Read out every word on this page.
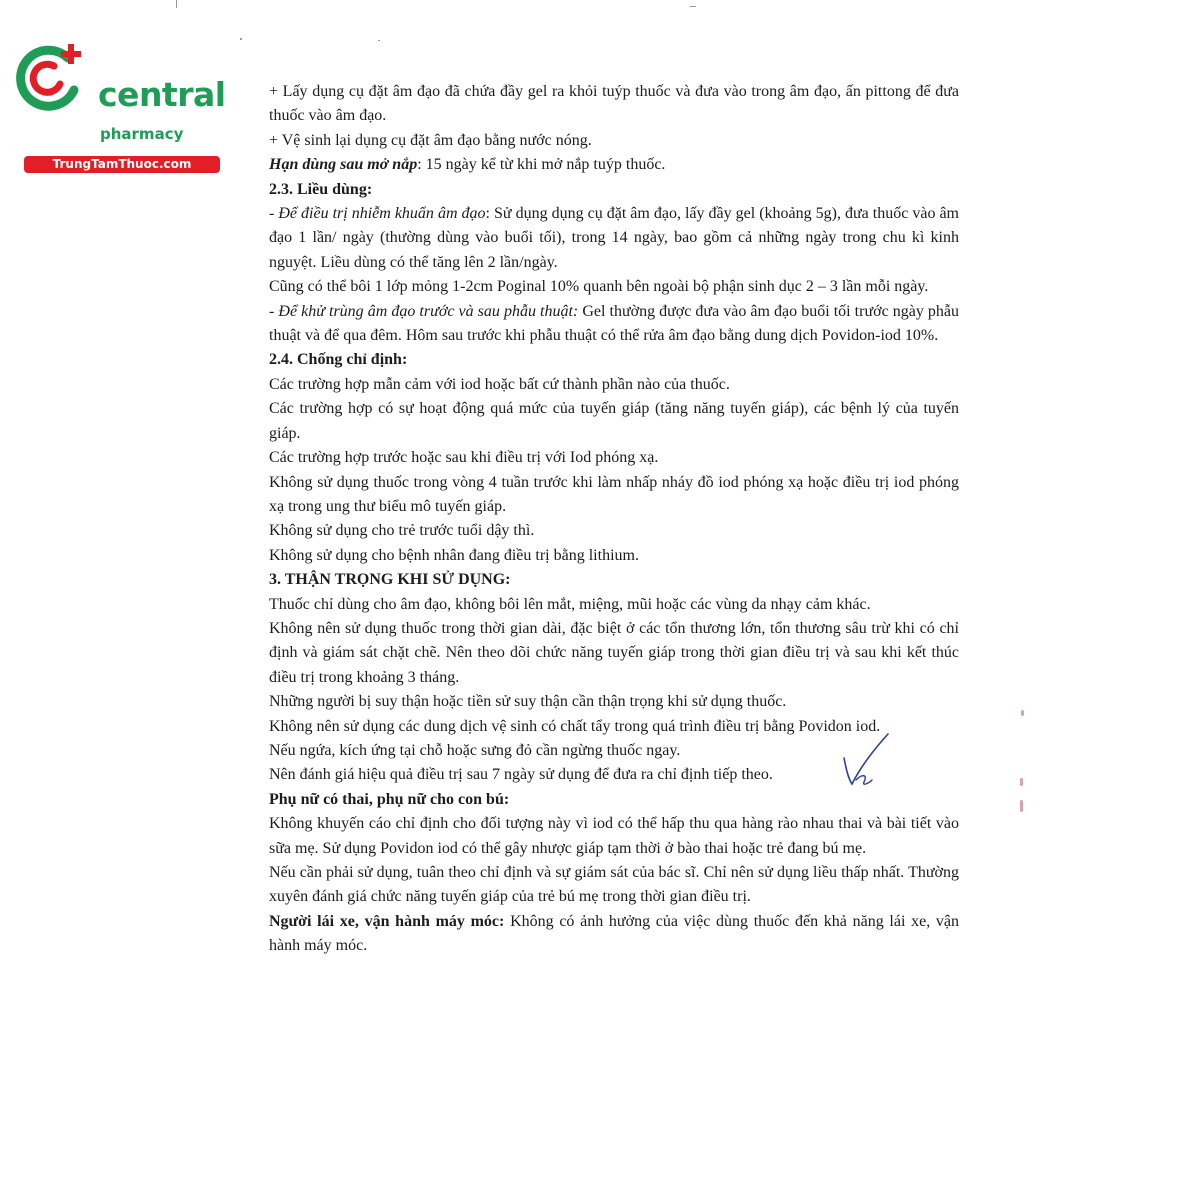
central
pharmacy
TrungTamThuoc.com

+ Lấy dụng cụ đặt âm đạo đã chứa đầy gel ra khỏi tuýp thuốc và đưa vào trong âm đạo, ấn pittong để đưa thuốc vào âm đạo.

+ Vệ sinh lại dụng cụ đặt âm đạo bằng nước nóng.

Hạn dùng sau mở nắp: 15 ngày kể từ khi mở nắp tuýp thuốc.

2.3. Liều dùng:

- Để điều trị nhiễm khuẩn âm đạo: Sử dụng dụng cụ đặt âm đạo, lấy đầy gel (khoảng 5g), đưa thuốc vào âm đạo 1 lần/ ngày (thường dùng vào buổi tối), trong 14 ngày, bao gồm cả những ngày trong chu kì kinh nguyệt. Liều dùng có thể tăng lên 2 lần/ngày.

Cũng có thể bôi 1 lớp mỏng 1-2cm Poginal 10% quanh bên ngoài bộ phận sinh dục 2 – 3 lần mỗi ngày.

- Để khử trùng âm đạo trước và sau phẫu thuật: Gel thường được đưa vào âm đạo buổi tối trước ngày phẫu thuật và để qua đêm. Hôm sau trước khi phẫu thuật có thể rửa âm đạo bằng dung dịch Povidon-iod 10%.

2.4. Chống chỉ định:

Các trường hợp mẫn cảm với iod hoặc bất cứ thành phần nào của thuốc.

Các trường hợp có sự hoạt động quá mức của tuyến giáp (tăng năng tuyến giáp), các bệnh lý của tuyến giáp.

Các trường hợp trước hoặc sau khi điều trị với Iod phóng xạ.

Không sử dụng thuốc trong vòng 4 tuần trước khi làm nhấp nháy đồ iod phóng xạ hoặc điều trị iod phóng xạ trong ung thư biểu mô tuyến giáp.

Không sử dụng cho trẻ trước tuổi dậy thì.

Không sử dụng cho bệnh nhân đang điều trị bằng lithium.

3. THẬN TRỌNG KHI SỬ DỤNG:

Thuốc chỉ dùng cho âm đạo, không bôi lên mắt, miệng, mũi hoặc các vùng da nhạy cảm khác.

Không nên sử dụng thuốc trong thời gian dài, đặc biệt ở các tổn thương lớn, tổn thương sâu trừ khi có chỉ định và giám sát chặt chẽ. Nên theo dõi chức năng tuyến giáp trong thời gian điều trị và sau khi kết thúc điều trị trong khoảng 3 tháng.

Những người bị suy thận hoặc tiền sử suy thận cần thận trọng khi sử dụng thuốc.

Không nên sử dụng các dung dịch vệ sinh có chất tẩy trong quá trình điều trị bằng Povidon iod.

Nếu ngứa, kích ứng tại chỗ hoặc sưng đỏ cần ngừng thuốc ngay.

Nên đánh giá hiệu quả điều trị sau 7 ngày sử dụng để đưa ra chỉ định tiếp theo.

Phụ nữ có thai, phụ nữ cho con bú:

Không khuyến cáo chỉ định cho đối tượng này vì iod có thể hấp thu qua hàng rào nhau thai và bài tiết vào sữa mẹ. Sử dụng Povidon iod có thể gây nhược giáp tạm thời ở bào thai hoặc trẻ đang bú mẹ.

Nếu cần phải sử dụng, tuân theo chỉ định và sự giám sát của bác sĩ. Chỉ nên sử dụng liều thấp nhất. Thường xuyên đánh giá chức năng tuyến giáp của trẻ bú mẹ trong thời gian điều trị.

Người lái xe, vận hành máy móc: Không có ảnh hưởng của việc dùng thuốc đến khả năng lái xe, vận hành máy móc.
